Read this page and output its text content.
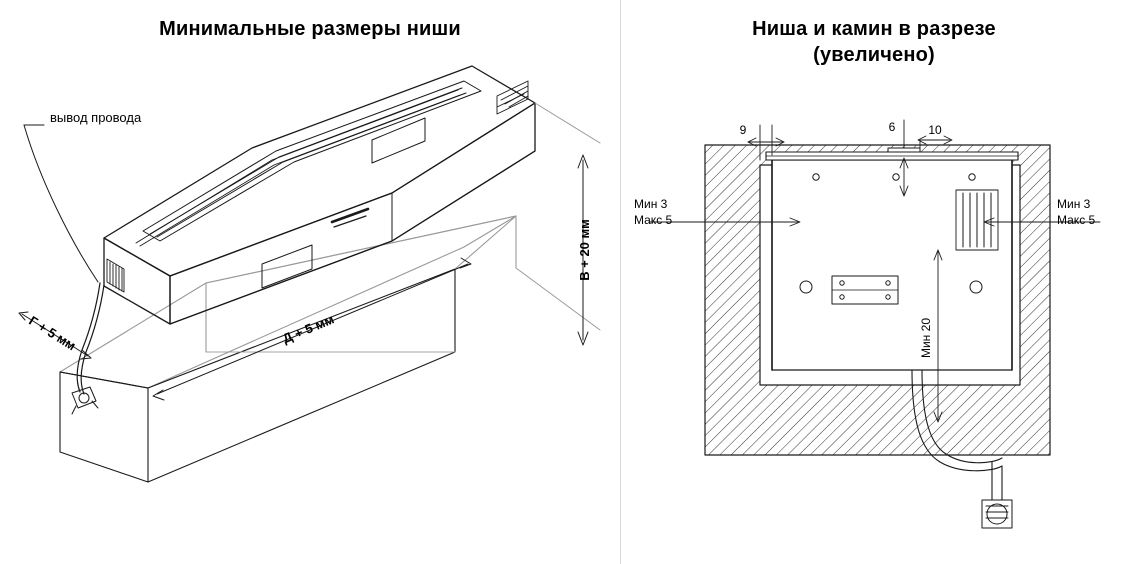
Минимальные размеры ниши
вывод провода
В + 20 мм
Д + 5 мм
Г + 5 мм
Ниша и камин в разрезе
(увеличено)
9	6	10
Мин 3
Макс 5
Мин 3
Макс 5
Мин 20
